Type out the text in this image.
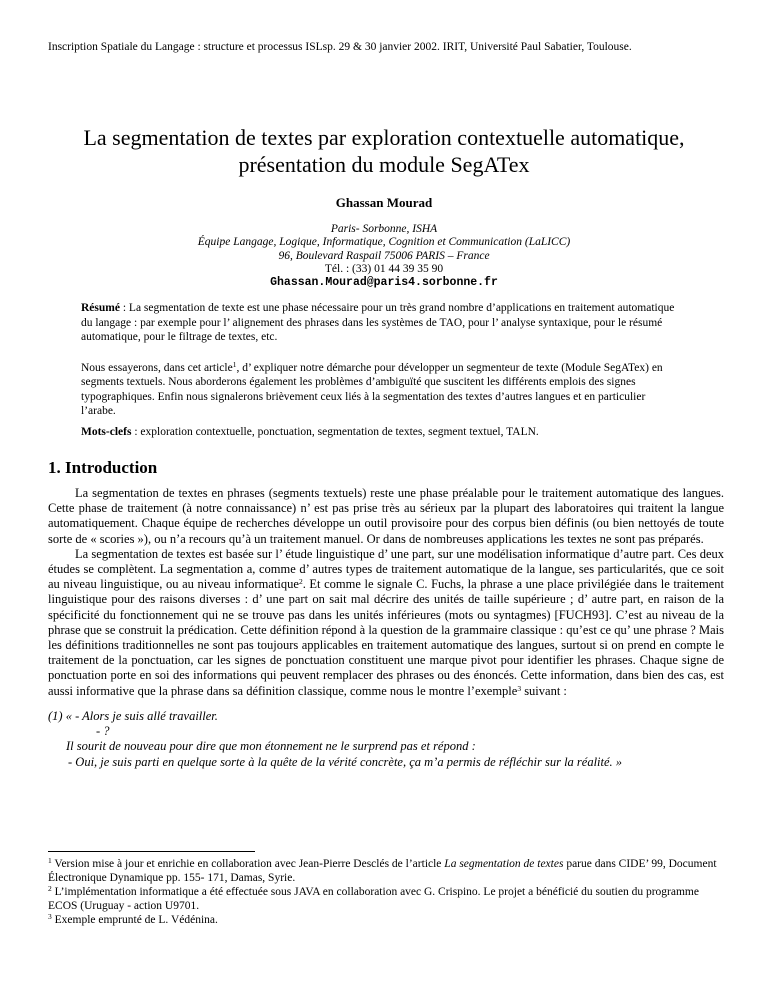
Inscription Spatiale du Langage : structure et processus ISLsp. 29 & 30 janvier 2002. IRIT, Université Paul Sabatier, Toulouse.
La segmentation de textes par exploration contextuelle automatique, présentation du module SegATex
Ghassan Mourad
Paris- Sorbonne, ISHA
Équipe Langage, Logique, Informatique, Cognition et Communication (LaLICC)
96, Boulevard Raspail 75006 PARIS – France
Tél. : (33) 01 44 39 35 90
Ghassan.Mourad@paris4.sorbonne.fr

Résumé : La segmentation de texte est une phase nécessaire pour un très grand nombre d’applications en traitement automatique du langage : par exemple pour l’ alignement des phrases dans les systèmes de TAO, pour l’ analyse syntaxique, pour le résumé automatique, pour le filtrage de textes, etc.

Nous essayerons, dans cet article$^1$, d’ expliquer notre démarche pour développer un segmenteur de texte (Module SegATex) en segments textuels. Nous aborderons également les problèmes d’ambiguïté que suscitent les différents emplois des signes typographiques. Enfin nous signalerons brièvement ceux liés à la segmentation des textes d’autres langues et en particulier l’arabe.

Mots-clefs : exploration contextuelle, ponctuation, segmentation de textes, segment textuel, TALN.
1. Introduction

La segmentation de textes en phrases (segments textuels) reste une phase préalable pour le traitement automatique des langues. Cette phase de traitement (à notre connaissance) n’ est pas prise très au sérieux par la plupart des laboratoires qui traitent la langue automatiquement. Chaque équipe de recherches développe un outil provisoire pour des corpus bien définis (ou bien nettoyés de toute sorte de « scories »), ou n’a recours qu’à un traitement manuel. Or dans de nombreuses applications les textes ne sont pas préparés.

La segmentation de textes est basée sur l’ étude linguistique d’ une part, sur une modélisation informatique d’autre part. Ces deux études se complètent. La segmentation a, comme d’ autres types de traitement automatique de la langue, ses particularités, que ce soit au niveau linguistique, ou au niveau informatique$^2$. Et comme le signale C. Fuchs, la phrase a une place privilégiée dans le traitement linguistique pour des raisons diverses : d’ une part on sait mal décrire des unités de taille supérieure ; d’ autre part, en raison de la spécificité du fonctionnement qui ne se trouve pas dans les unités inférieures (mots ou syntagmes) [FUCH93]. C’est au niveau de la phrase que se construit la prédication. Cette définition répond à la question de la grammaire classique : qu’est ce qu’ une phrase ? Mais les définitions traditionnelles ne sont pas toujours applicables en traitement automatique des langues, surtout si on prend en compte le traitement de la ponctuation, car les signes de ponctuation constituent une marque pivot pour identifier les phrases. Chaque signe de ponctuation porte en soi des informations qui peuvent remplacer des phrases ou des énoncés. Cette information, dans bien des cas, est aussi informative que la phrase dans sa définition classique, comme nous le montre l’exemple$^3$ suivant :

(1) « - Alors je suis allé travailler.
- ?
Il sourit de nouveau pour dire que mon étonnement ne le surprend pas et répond :
- Oui, je suis parti en quelque sorte à la quête de la vérité concrète, ça m’a permis de réfléchir sur la réalité. »
$^1$ Version mise à jour et enrichie en collaboration avec Jean-Pierre Desclés de l’article La segmentation de textes parue dans CIDE’ 99, Document Électronique Dynamique pp. 155- 171, Damas, Syrie.
$^2$ L’implémentation informatique a été effectuée sous JAVA en collaboration avec G. Crispino. Le projet a bénéficié du soutien du programme ECOS (Uruguay - action U9701.
$^3$ Exemple emprunté de L. Védénina.
